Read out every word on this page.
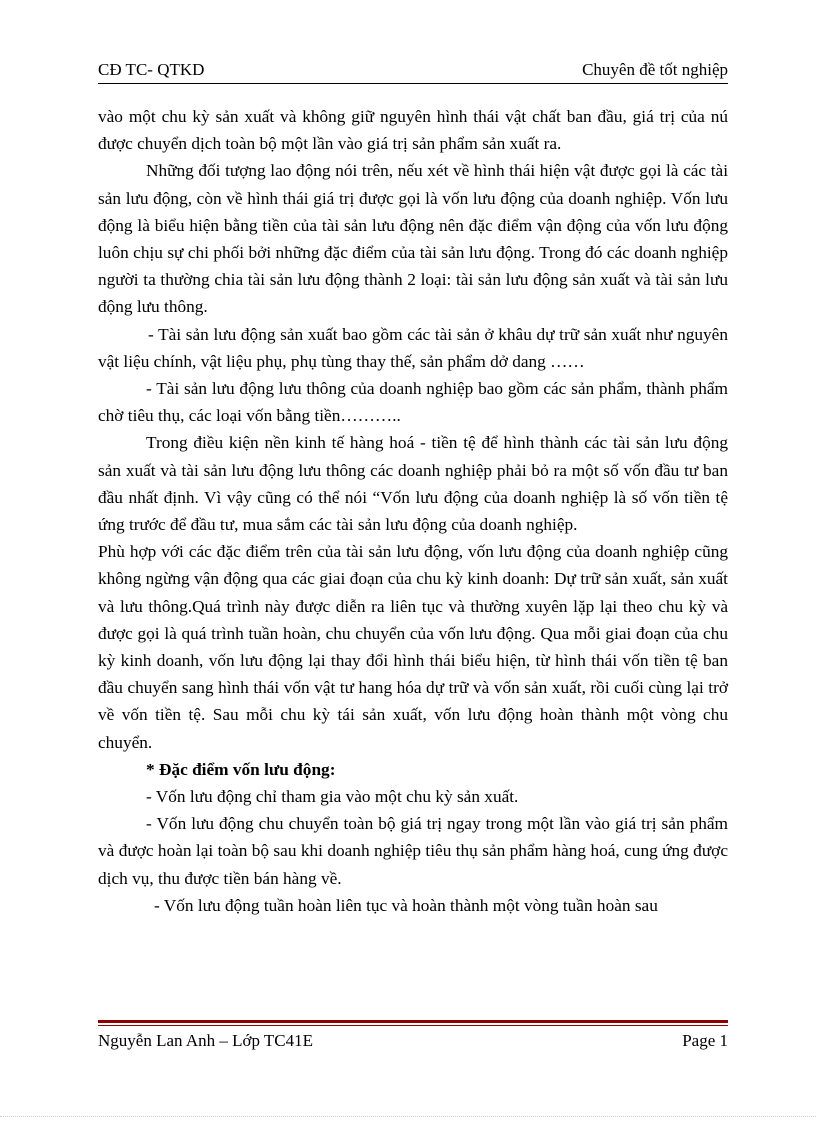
CĐ TC- QTKD	Chuyên đề tốt nghiệp

vào một chu kỳ sản xuất và không giữ nguyên hình thái vật chất ban đầu, giá trị của nú được chuyển dịch toàn bộ một lần vào giá trị sản phẩm sản xuất ra.

Những đối tượng lao động nói trên, nếu xét về hình thái hiện vật được gọi là các tài sản lưu động, còn về hình thái giá trị được gọi là vốn lưu động của doanh nghiệp. Vốn lưu động là biểu hiện bằng tiền của tài sản lưu động nên đặc điểm vận động của vốn lưu động luôn chịu sự chi phối bởi những đặc điểm của tài sản lưu động. Trong đó các doanh nghiệp người ta thường chia tài sản lưu động thành 2 loại: tài sản lưu động sản xuất và tài sản lưu động lưu thông.

- Tài sản lưu động sản xuất bao gồm các tài sản ở khâu dự trữ sản xuất như nguyên vật liệu chính, vật liệu phụ, phụ tùng thay thế, sản phẩm dở dang ……

- Tài sản lưu động lưu thông của doanh nghiệp bao gồm các sản phẩm, thành phẩm chờ tiêu thụ, các loại vốn bằng tiền………..

Trong điều kiện nền kinh tế hàng hoá - tiền tệ để hình thành các tài sản lưu động sản xuất và tài sản lưu động lưu thông các doanh nghiệp phải bỏ ra một số vốn đầu tư ban đầu nhất định. Vì vậy cũng có thể nói “Vốn lưu động của doanh nghiệp là số vốn tiền tệ ứng trước để đầu tư, mua sắm các tài sản lưu động của doanh nghiệp.

Phù hợp với các đặc điểm trên của tài sản lưu động, vốn lưu động của doanh nghiệp cũng không ngừng vận động qua các giai đoạn của chu kỳ kinh doanh: Dự trữ sản xuất, sản xuất và lưu thông.Quá trình này được diễn ra liên tục và thường xuyên lặp lại theo chu kỳ và được gọi là quá trình tuần hoàn, chu chuyển của vốn lưu động. Qua mỗi giai đoạn của chu kỳ kinh doanh, vốn lưu động lại thay đổi hình thái biểu hiện, từ hình thái vốn tiền tệ ban đầu chuyển sang hình thái vốn vật tư hang hóa dự trữ và vốn sản xuất, rồi cuối cùng lại trở về vốn tiền tệ. Sau mỗi chu kỳ tái sản xuất, vốn lưu động hoàn thành một vòng chu chuyển.

* Đặc điểm vốn lưu động:

- Vốn lưu động chỉ tham gia vào một chu kỳ sản xuất.

- Vốn lưu động chu chuyển toàn bộ giá trị ngay trong một lần vào giá trị sản phẩm và được hoàn lại toàn bộ sau khi doanh nghiệp tiêu thụ sản phẩm hàng hoá, cung ứng được dịch vụ, thu được tiền bán hàng về.

- Vốn lưu động tuần hoàn liên tục và hoàn thành một vòng tuần hoàn sau

Nguyễn Lan Anh – Lớp TC41E	Page 1
